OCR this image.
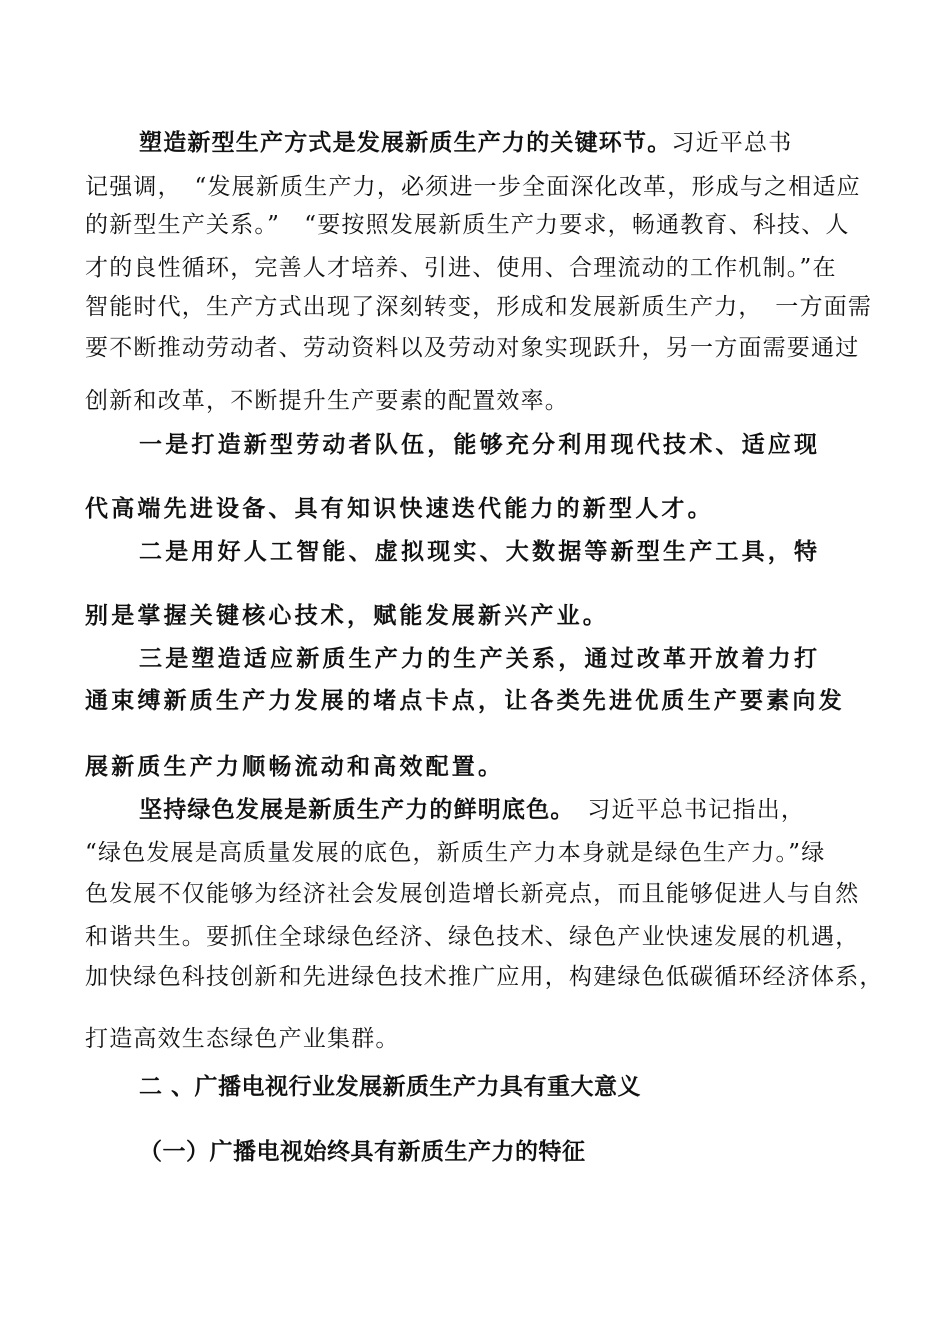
塑造新型生产方式是发展新质生产力的关键环节。习近平总书
记强调，　“发展新质生产力，必须进一步全面深化改革，形成与之相适应
的新型生产关系。”　“要按照发展新质生产力要求，畅通教育、科技、人
才的良性循环，完善人才培养、引进、使用、合理流动的工作机制。”在
智能时代，生产方式出现了深刻转变，形成和发展新质生产力，　一方面需
要不断推动劳动者、劳动资料以及劳动对象实现跃升，另一方面需要通过
创新和改革，不断提升生产要素的配置效率。
一是打造新型劳动者队伍，能够充分利用现代技术、适应现
代高端先进设备、具有知识快速迭代能力的新型人才。
二是用好人工智能、虚拟现实、大数据等新型生产工具，特
别是掌握关键核心技术，赋能发展新兴产业。
三是塑造适应新质生产力的生产关系，通过改革开放着力打
通束缚新质生产力发展的堵点卡点，让各类先进优质生产要素向发
展新质生产力顺畅流动和高效配置。
坚持绿色发展是新质生产力的鲜明底色。　习近平总书记指出，
“绿色发展是高质量发展的底色，新质生产力本身就是绿色生产力。”绿
色发展不仅能够为经济社会发展创造增长新亮点，而且能够促进人与自然
和谐共生。要抓住全球绿色经济、绿色技术、绿色产业快速发展的机遇，
加快绿色科技创新和先进绿色技术推广应用，构建绿色低碳循环经济体系，
打造高效生态绿色产业集群。
二 、广播电视行业发展新质生产力具有重大意义
（一）广播电视始终具有新质生产力的特征
